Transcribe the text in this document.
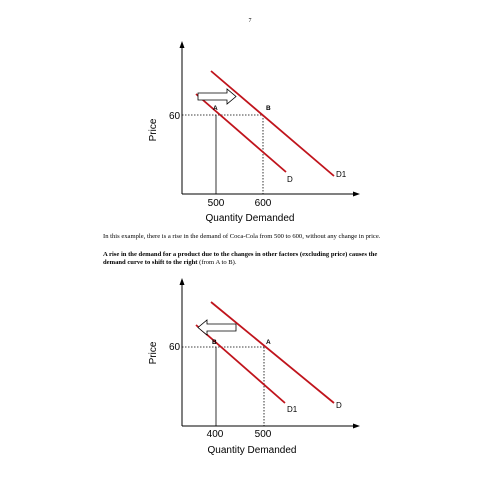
7
Price
60
500	600
A	B
D
D1
Quantity Demanded
Price 60
400	500
B	A
D1	D
Quantity Demanded

In this example, there is a rise in the demand of Coca-Cola from 500 to 600, without any change in price.

A rise in the demand for a product due to the changes in other factors (excluding price) causes the demand curve to shift to the right (from A to B).
